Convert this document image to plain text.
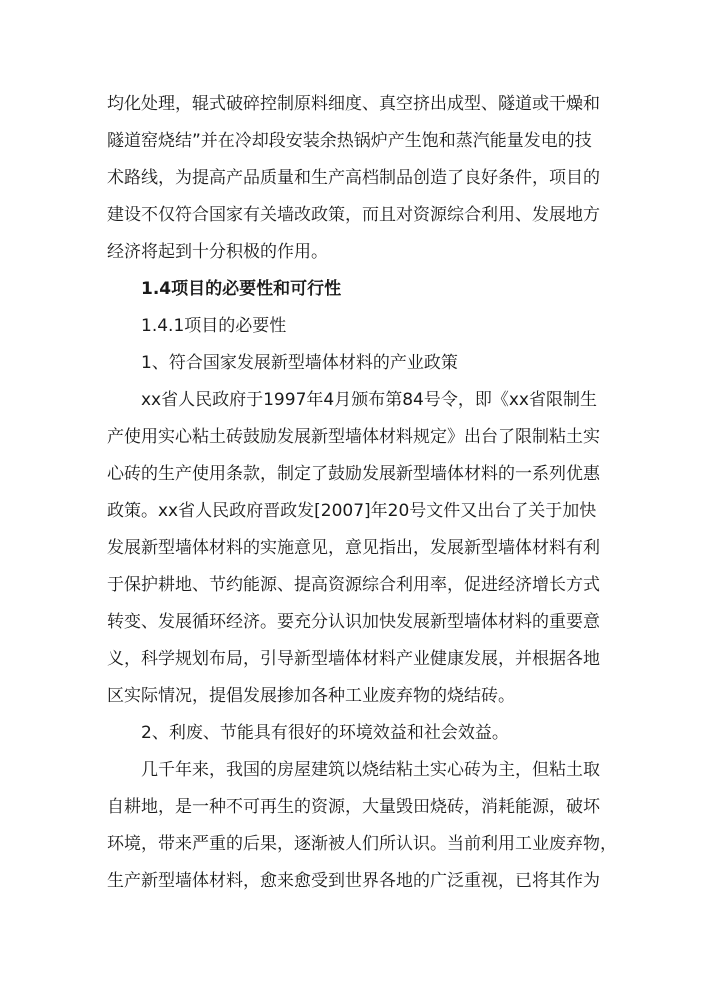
均化处理，辊式破碎控制原料细度、真空挤出成型、隧道或干燥和
隧道窑烧结”并在冷却段安装余热锅炉产生饱和蒸汽能量发电的技
术路线，为提高产品质量和生产高档制品创造了良好条件，项目的
建设不仅符合国家有关墙改政策，而且对资源综合利用、发展地方
经济将起到十分积极的作用。
1.4项目的必要性和可行性
1.4.1项目的必要性
1、符合国家发展新型墙体材料的产业政策
xx省人民政府于1997年4月颁布第84号令，即《xx省限制生
产使用实心粘土砖鼓励发展新型墙体材料规定》出台了限制粘土实
心砖的生产使用条款，制定了鼓励发展新型墙体材料的一系列优惠
政策。xx省人民政府晋政发[2007]年20号文件又出台了关于加快
发展新型墙体材料的实施意见，意见指出，发展新型墙体材料有利
于保护耕地、节约能源、提高资源综合利用率，促进经济增长方式
转变、发展循环经济。要充分认识加快发展新型墙体材料的重要意
义，科学规划布局，引导新型墙体材料产业健康发展，并根据各地
区实际情况，提倡发展掺加各种工业废弃物的烧结砖。
2、利废、节能具有很好的环境效益和社会效益。
几千年来，我国的房屋建筑以烧结粘土实心砖为主，但粘土取
自耕地，是一种不可再生的资源，大量毁田烧砖，消耗能源，破坏
环境，带来严重的后果，逐渐被人们所认识。当前利用工业废弃物，
生产新型墙体材料，愈来愈受到世界各地的广泛重视，已将其作为
